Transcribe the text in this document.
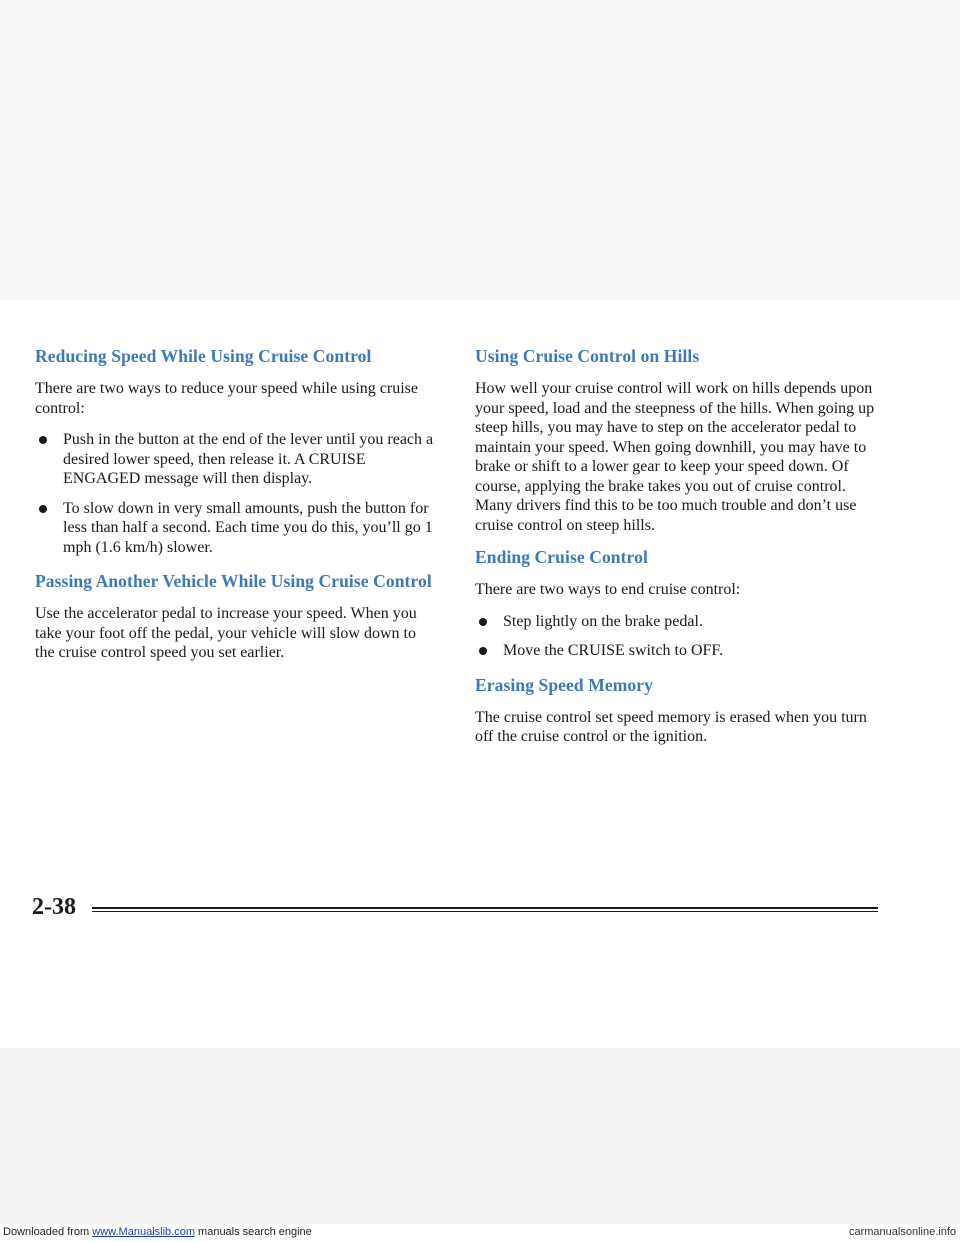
Reducing Speed While Using Cruise Control

There are two ways to reduce your speed while using cruise control:

Push in the button at the end of the lever until you reach a desired lower speed, then release it. A CRUISE ENGAGED message will then display.
To slow down in very small amounts, push the button for less than half a second. Each time you do this, you’ll go 1 mph (1.6 km/h) slower.
Passing Another Vehicle While Using Cruise Control

Use the accelerator pedal to increase your speed. When you take your foot off the pedal, your vehicle will slow down to the cruise control speed you set earlier.

Using Cruise Control on Hills

How well your cruise control will work on hills depends upon your speed, load and the steepness of the hills. When going up steep hills, you may have to step on the accelerator pedal to maintain your speed. When going downhill, you may have to brake or shift to a lower gear to keep your speed down. Of course, applying the brake takes you out of cruise control. Many drivers find this to be too much trouble and don’t use cruise control on steep hills.

Ending Cruise Control

There are two ways to end cruise control:

Step lightly on the brake pedal.
Move the CRUISE switch to OFF.
Erasing Speed Memory

The cruise control set speed memory is erased when you turn off the cruise control or the ignition.

2-38
Downloaded from www.Manualslib.com manuals search engine	carmanualsonline.info
